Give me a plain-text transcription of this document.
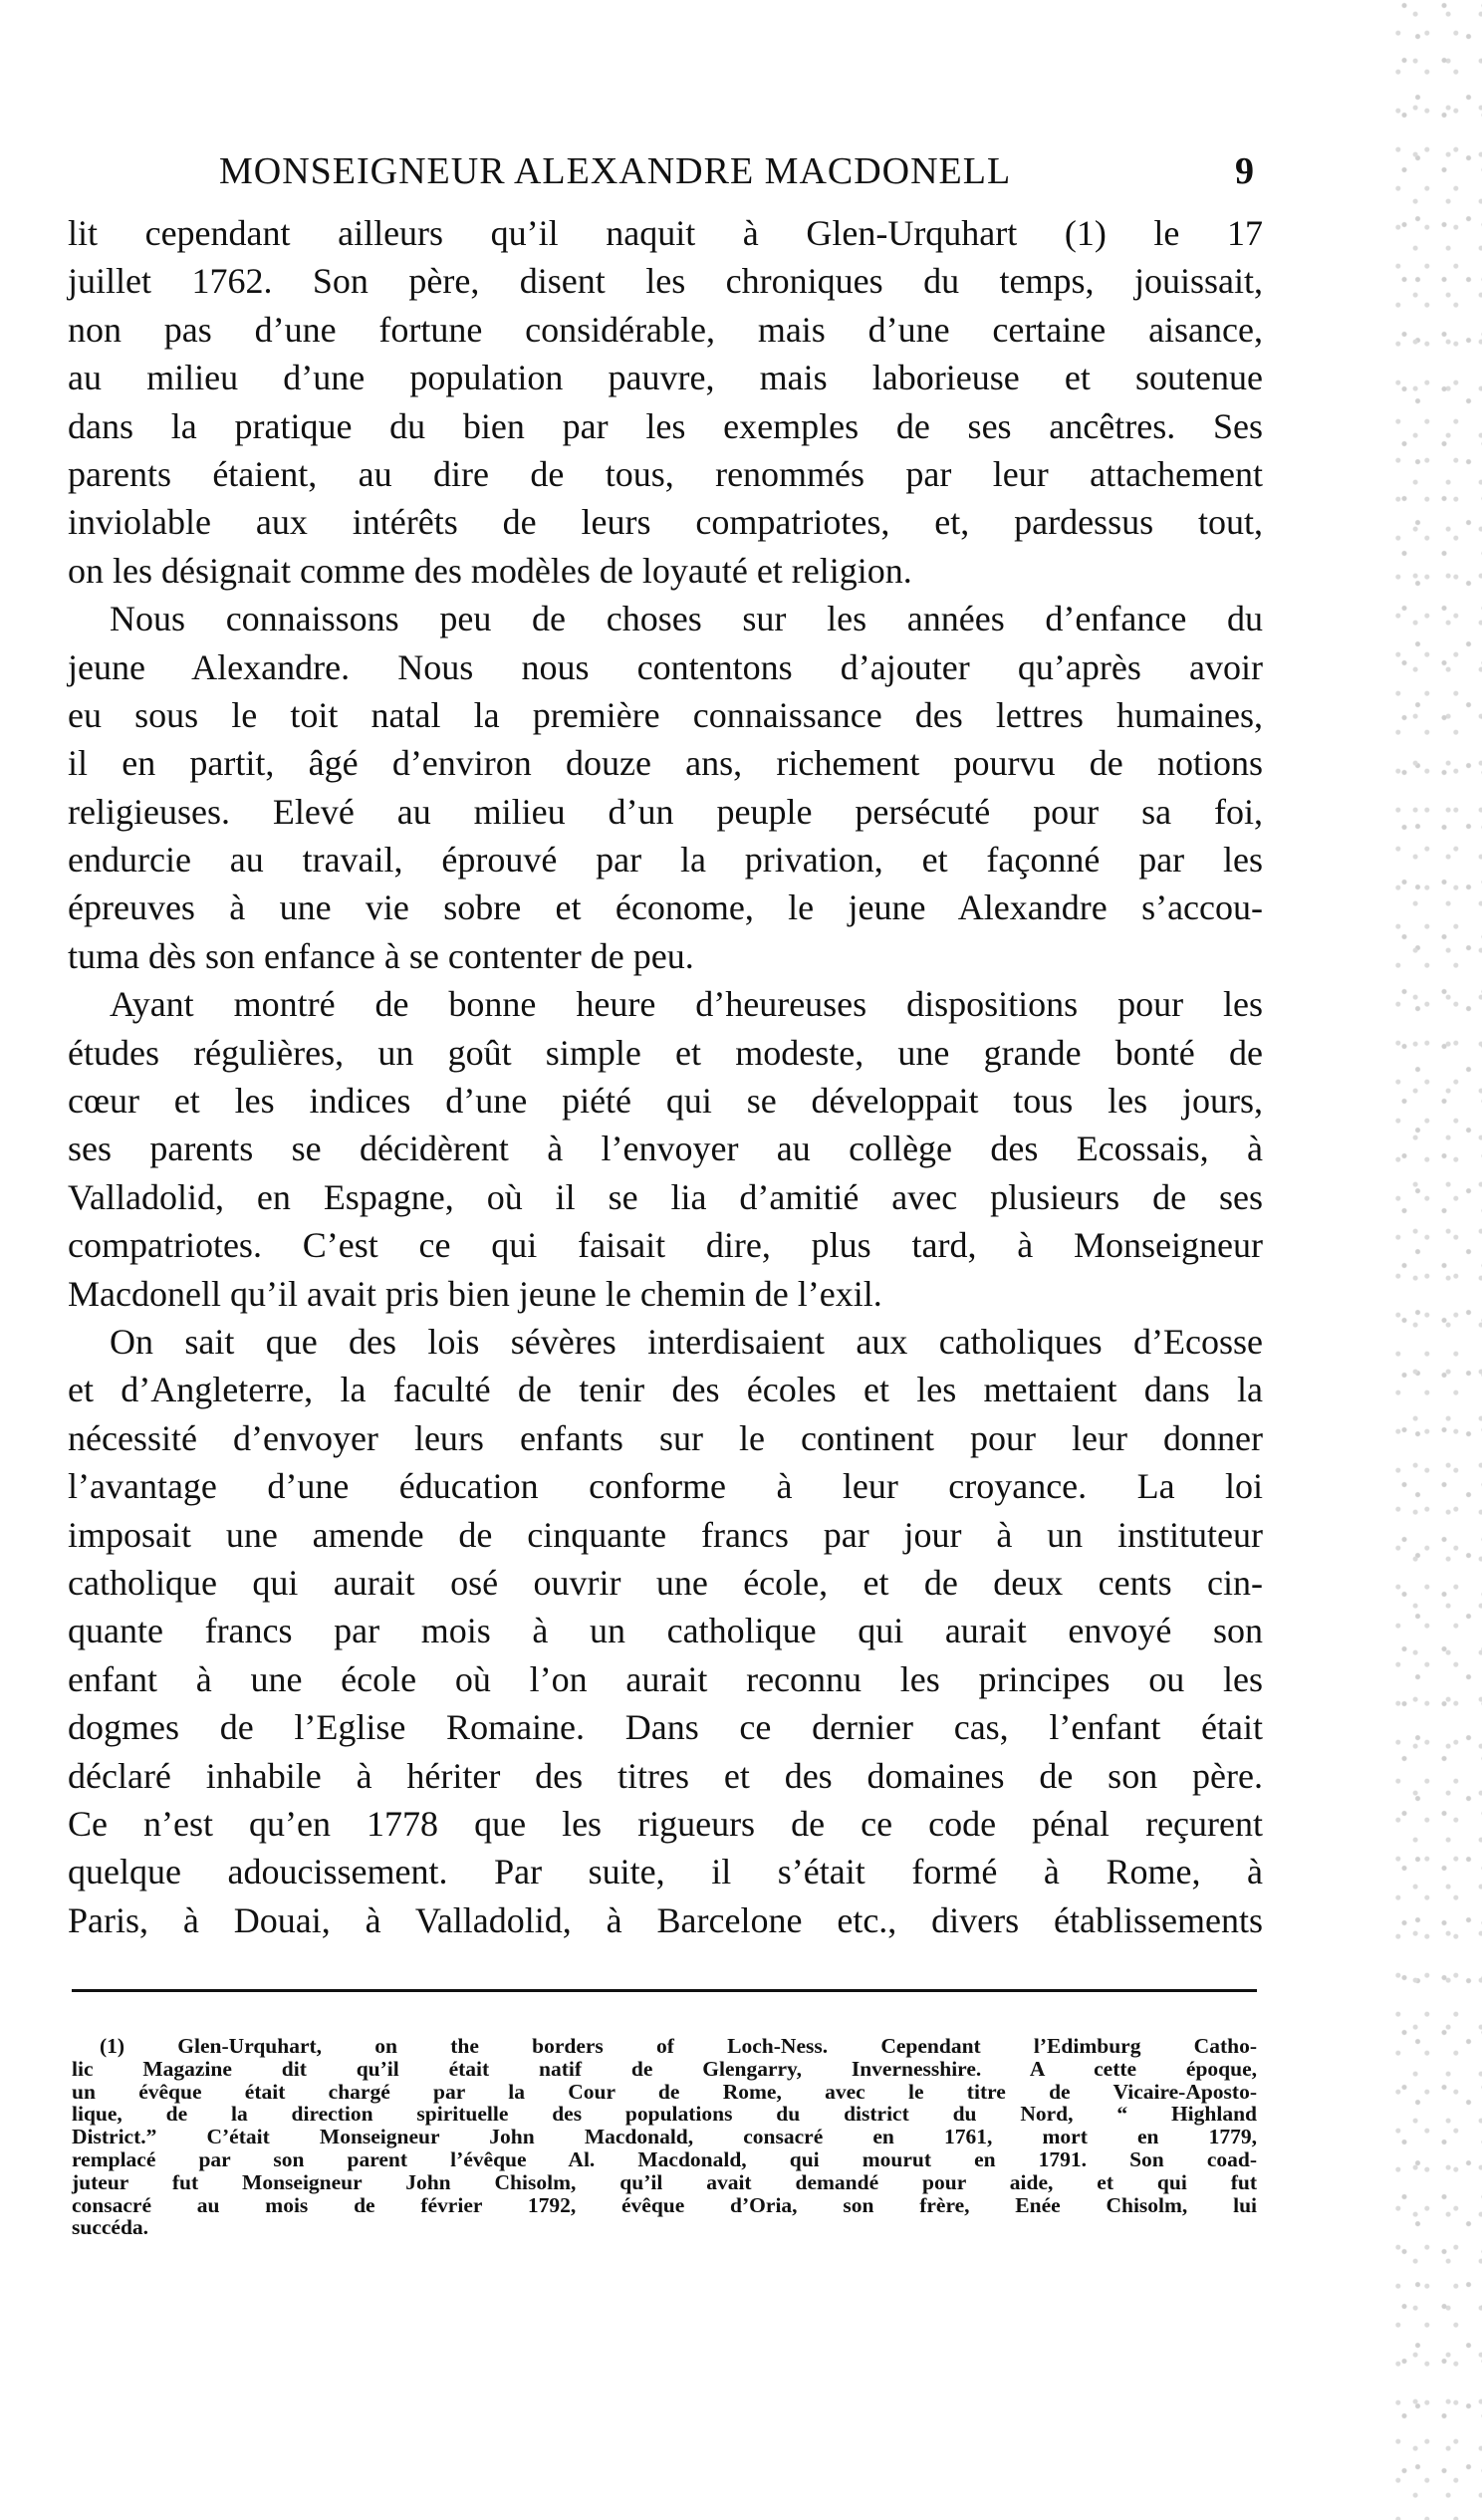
MONSEIGNEUR ALEXANDRE MACDONELL	9
lit cependant ailleurs qu’il naquit à Glen-Urquhart (1) le 17
juillet 1762. Son père, disent les chroniques du temps, jouissait,
non pas d’une fortune considérable, mais d’une certaine aisance,
au milieu d’une population pauvre, mais laborieuse et soutenue
dans la pratique du bien par les exemples de ses ancêtres. Ses
parents étaient, au dire de tous, renommés par leur attachement
inviolable aux intérêts de leurs compatriotes, et, pardessus tout,
on les désignait comme des modèles de loyauté et religion.
Nous connaissons peu de choses sur les années d’enfance du
jeune Alexandre. Nous nous contentons d’ajouter qu’après avoir
eu sous le toit natal la première connaissance des lettres humaines,
il en partit, âgé d’environ douze ans, richement pourvu de notions
religieuses. Elevé au milieu d’un peuple persécuté pour sa foi,
endurcie au travail, éprouvé par la privation, et façonné par les
épreuves à une vie sobre et économe, le jeune Alexandre s’accou-
tuma dès son enfance à se contenter de peu.
Ayant montré de bonne heure d’heureuses dispositions pour les
études régulières, un goût simple et modeste, une grande bonté de
cœur et les indices d’une piété qui se développait tous les jours,
ses parents se décidèrent à l’envoyer au collège des Ecossais, à
Valladolid, en Espagne, où il se lia d’amitié avec plusieurs de ses
compatriotes. C’est ce qui faisait dire, plus tard, à Monseigneur
Macdonell qu’il avait pris bien jeune le chemin de l’exil.
On sait que des lois sévères interdisaient aux catholiques d’Ecosse
et d’Angleterre, la faculté de tenir des écoles et les mettaient dans la
nécessité d’envoyer leurs enfants sur le continent pour leur donner
l’avantage d’une éducation conforme à leur croyance. La loi
imposait une amende de cinquante francs par jour à un instituteur
catholique qui aurait osé ouvrir une école, et de deux cents cin-
quante francs par mois à un catholique qui aurait envoyé son
enfant à une école où l’on aurait reconnu les principes ou les
dogmes de l’Eglise Romaine. Dans ce dernier cas, l’enfant était
déclaré inhabile à hériter des titres et des domaines de son père.
Ce n’est qu’en 1778 que les rigueurs de ce code pénal reçurent
quelque adoucissement. Par suite, il s’était formé à Rome, à
Paris, à Douai, à Valladolid, à Barcelone etc., divers établissements
(1) Glen-Urquhart, on the borders of Loch-Ness. Cependant l’Edimburg Catho-
lic Magazine dit qu’il était natif de Glengarry, Invernesshire. A cette époque,
un évêque était chargé par la Cour de Rome, avec le titre de Vicaire-Aposto-
lique, de la direction spirituelle des populations du district du Nord, “ Highland
District.” C’était Monseigneur John Macdonald, consacré en 1761, mort en 1779,
remplacé par son parent l’évêque Al. Macdonald, qui mourut en 1791. Son coad-
juteur fut Monseigneur John Chisolm, qu’il avait demandé pour aide, et qui fut
consacré au mois de février 1792, évêque d’Oria, son frère, Enée Chisolm, lui
succéda.
